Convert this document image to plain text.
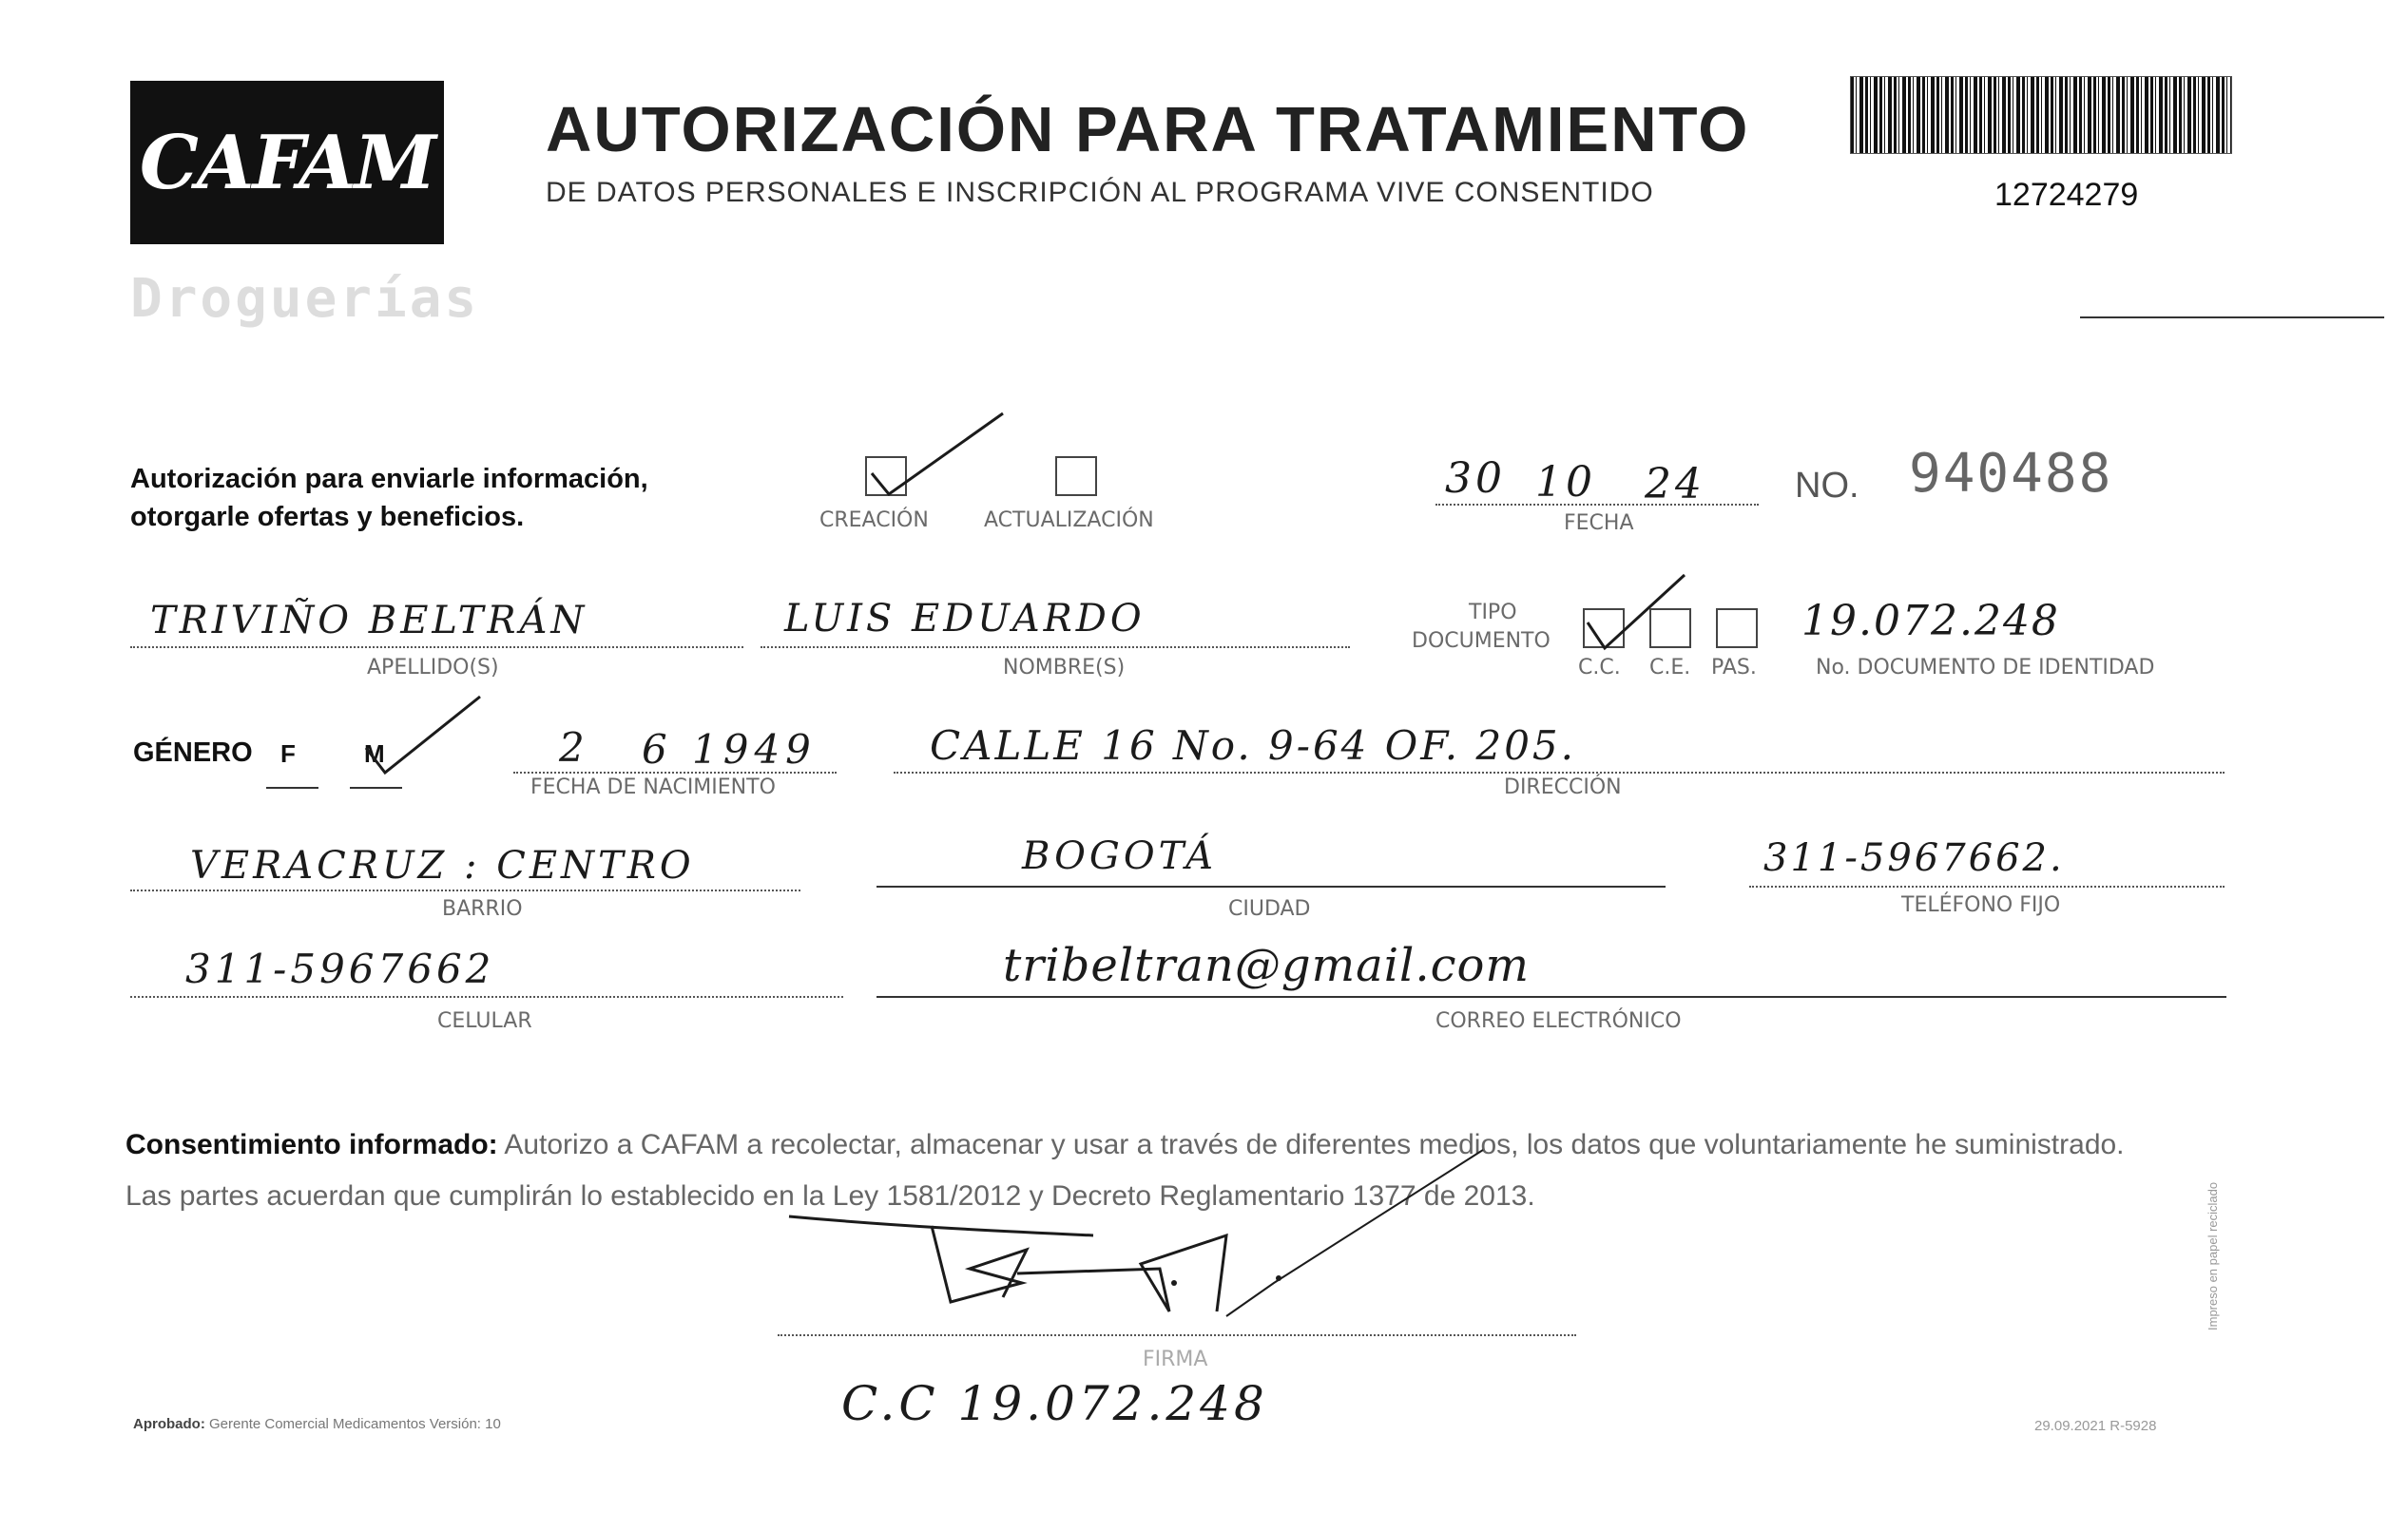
CAFAM
Droguerías
AUTORIZACIÓN PARA TRATAMIENTO
DE DATOS PERSONALES E INSCRIPCIÓN AL PROGRAMA VIVE CONSENTIDO	12724279
Autorización para enviarle información,
otorgarle ofertas y beneficios.	CREACIÓN	ACTUALIZACIÓN
30 10 24
FECHA
NO. 940488
TRIVIÑO BELTRÁN
APELLIDO(S)
LUIS EDUARDO
NOMBRE(S)
TIPO
DOCUMENTO
C.C. C.E. PAS.
19.072.248
No. DOCUMENTO DE IDENTIDAD
GÉNERO F	M	2 6 1949
FECHA DE NACIMIENTO
CALLE 16 No. 9-64 OF. 205.
DIRECCIÓN
VERACRUZ : CENTRO
BARRIO
BOGOTÁ
CIUDAD
311-5967662.
TELÉFONO FIJO
311-5967662
CELULAR
tribeltran@gmail.com
CORREO ELECTRÓNICO
Consentimiento informado: Autorizo a CAFAM a recolectar, almacenar y usar a través de diferentes medios, los datos que voluntariamente he suministrado.
Las partes acuerdan que cumplirán lo establecido en la Ley 1581/2012 y Decreto Reglamentario 1377 de 2013.
FIRMA
C.C 19.072.248
Aprobado: Gerente Comercial Medicamentos Versión: 10	29.09.2021 R-5928
Impreso en papel reciclado
